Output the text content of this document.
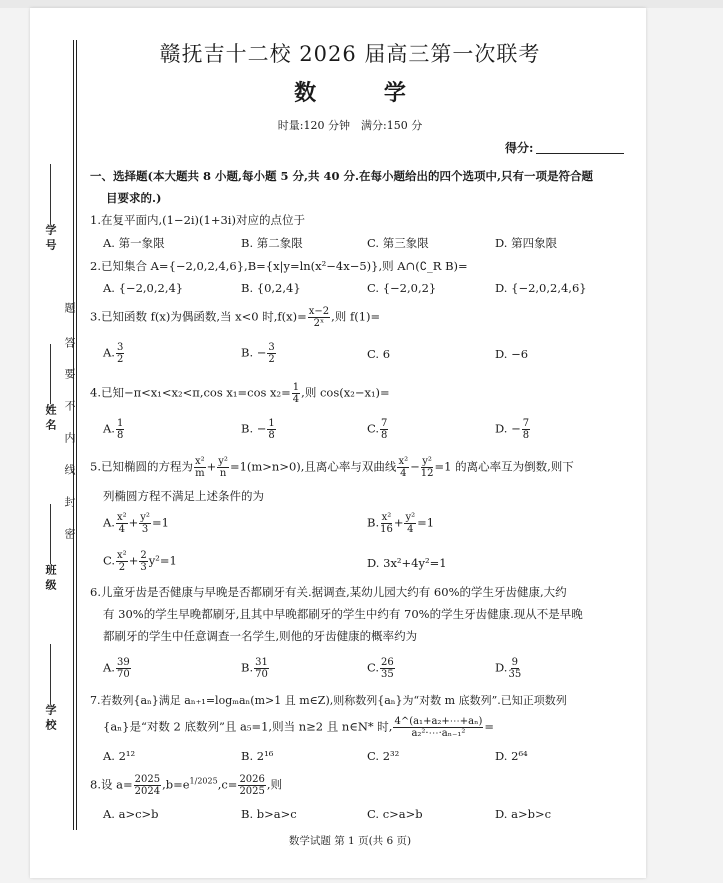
学 号
姓 名
班 级
学 校
题
答
要
不
内
线
封
密
赣抚吉十二校 2026 届高三第一次联考
数 学
时量:120 分钟　满分:150 分
得分:
一、选择题(本大题共 8 小题,每小题 5 分,共 40 分.在每小题给出的四个选项中,只有一项是符合题
目要求的.)
1.在复平面内,(1−2i)(1+3i)对应的点位于
A. 第一象限	B. 第二象限	C. 第三象限	D. 第四象限
2.已知集合 A={−2,0,2,4,6},B={x|y=ln(x²−4x−5)},则 A∩(∁_R B)=
A. {−2,0,2,4}	B. {0,2,4}	C. {−2,0,2}	D. {−2,0,2,4,6}
3.已知函数 f(x)为偶函数,当 x<0 时$,f(x)= \frac{x-2}{\text{2ˣ}}$ ,则 f(1)=
A. $\frac{3}{2}$	B. − $\frac{3}{2}$	C. 6	D. −6
4.已知−π<x₁<x₂<π,cos x₁=cos $x_2= \frac{1}{4}$ ,则 cos(x₂−x₁)=
A. $\frac{1}{8}$	B. − $\frac{1}{8}$	C. $\frac{7}{8}$	D. − $\frac{7}{8}$
5.已知椭圆的方程为 $\frac{\text{x²}}{m} + \frac{\text{y²}}{n} =1(m>n>0)$,且离心率与双曲线 $\frac{\text{x²}}{4} - \frac{\text{y²}}{12} =1$ 的离心率互为倒数,则下
列椭圆方程不满足上述条件的为
A. $\frac{\text{x²}}{4} + \frac{\text{y²}}{3} =1$	B. $\frac{\text{x²}}{16} + \frac{\text{y²}}{4} =1$
C. $\frac{\text{x²}}{2} + \frac{2}{3} y^2=1$	D. 3x²+4y²=1
6.儿童牙齿是否健康与早晚是否都刷牙有关.据调查,某幼儿园大约有 60%的学生牙齿健康,大约
有 30%的学生早晚都刷牙,且其中早晚都刷牙的学生中约有 70%的学生牙齿健康.现从不是早晚
都刷牙的学生中任意调查一名学生,则他的牙齿健康的概率约为
A. $\frac{39}{70}$	B. $\frac{31}{70}$	C. $\frac{26}{35}$	D. $\frac{9}{35}$
7.若数列{aₙ}满足 aₙ₊₁=logₘaₙ(m>1 且 m∈Z),则称数列{aₙ}为“对数 m 底数列”.已知正项数列
{aₙ}是“对数 2 底数列”且 a₅=1,则当 n≥2 且 n∈N* 时, $\frac{\text{4\textasciicircum{}(a₁+a₂+⋯+aₙ)}}{\text{a₂²·⋯·aₙ₋₁²}}$ =
A. 2¹²	B. 2¹⁶	C. 2³²	D. 2⁶⁴
8.设 $a= \frac{2025}{2024} ,b=e^{1/2025},c= \frac{2026}{2025}$ ,则
A. a>c>b	B. b>a>c	C. c>a>b	D. a>b>c
数学试题 第 1 页(共 6 页)
